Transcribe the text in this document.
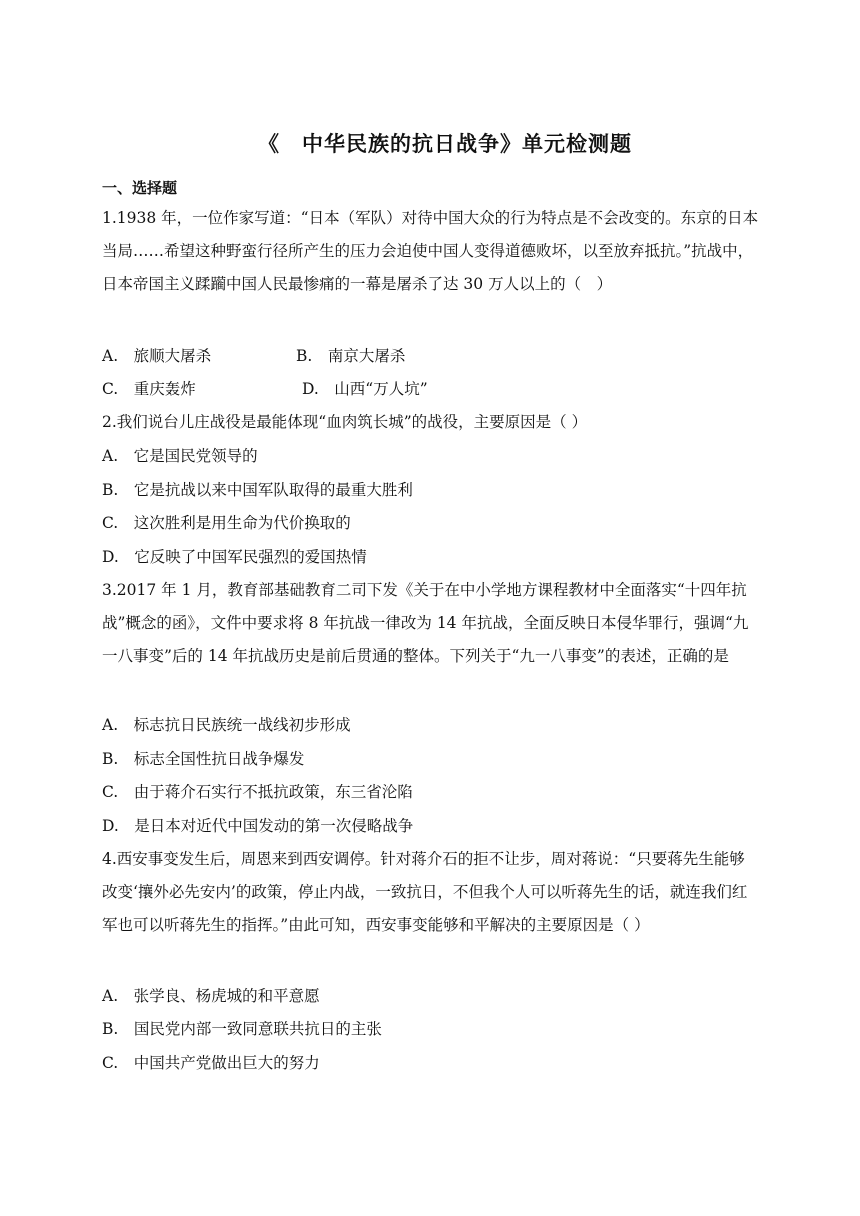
《　中华民族的抗日战争》单元检测题
一、选择题
1.1938 年，一位作家写道：“日本（军队）对待中国大众的行为特点是不会改变的。东京的日本当局……希望这种野蛮行径所产生的压力会迫使中国人变得道德败坏，以至放弃抵抗。”抗战中，日本帝国主义蹂躏中国人民最惨痛的一幕是屠杀了达 30 万人以上的（　）
A.　旅顺大屠杀	B.　南京大屠杀
C.　重庆轰炸	D.　山西“万人坑”
2.我们说台儿庄战役是最能体现“血肉筑长城”的战役，主要原因是（ ）
A.　它是国民党领导的
B.　它是抗战以来中国军队取得的最重大胜利
C.　这次胜利是用生命为代价换取的
D.　它反映了中国军民强烈的爱国热情
3.2017 年 1 月，教育部基础教育二司下发《关于在中小学地方课程教材中全面落实“十四年抗战”概念的函》，文件中要求将 8 年抗战一律改为 14 年抗战，全面反映日本侵华罪行，强调“九一八事变”后的 14 年抗战历史是前后贯通的整体。下列关于“九一八事变”的表述，正确的是
A.　标志抗日民族统一战线初步形成
B.　标志全国性抗日战争爆发
C.　由于蒋介石实行不抵抗政策，东三省沦陷
D.　是日本对近代中国发动的第一次侵略战争
4.西安事变发生后，周恩来到西安调停。针对蒋介石的拒不让步，周对蒋说：“只要蒋先生能够改变‘攘外必先安内’的政策，停止内战，一致抗日，不但我个人可以听蒋先生的话，就连我们红军也可以听蒋先生的指挥。”由此可知，西安事变能够和平解决的主要原因是（ ）
A.　张学良、杨虎城的和平意愿
B.　国民党内部一致同意联共抗日的主张
C.　中国共产党做出巨大的努力
